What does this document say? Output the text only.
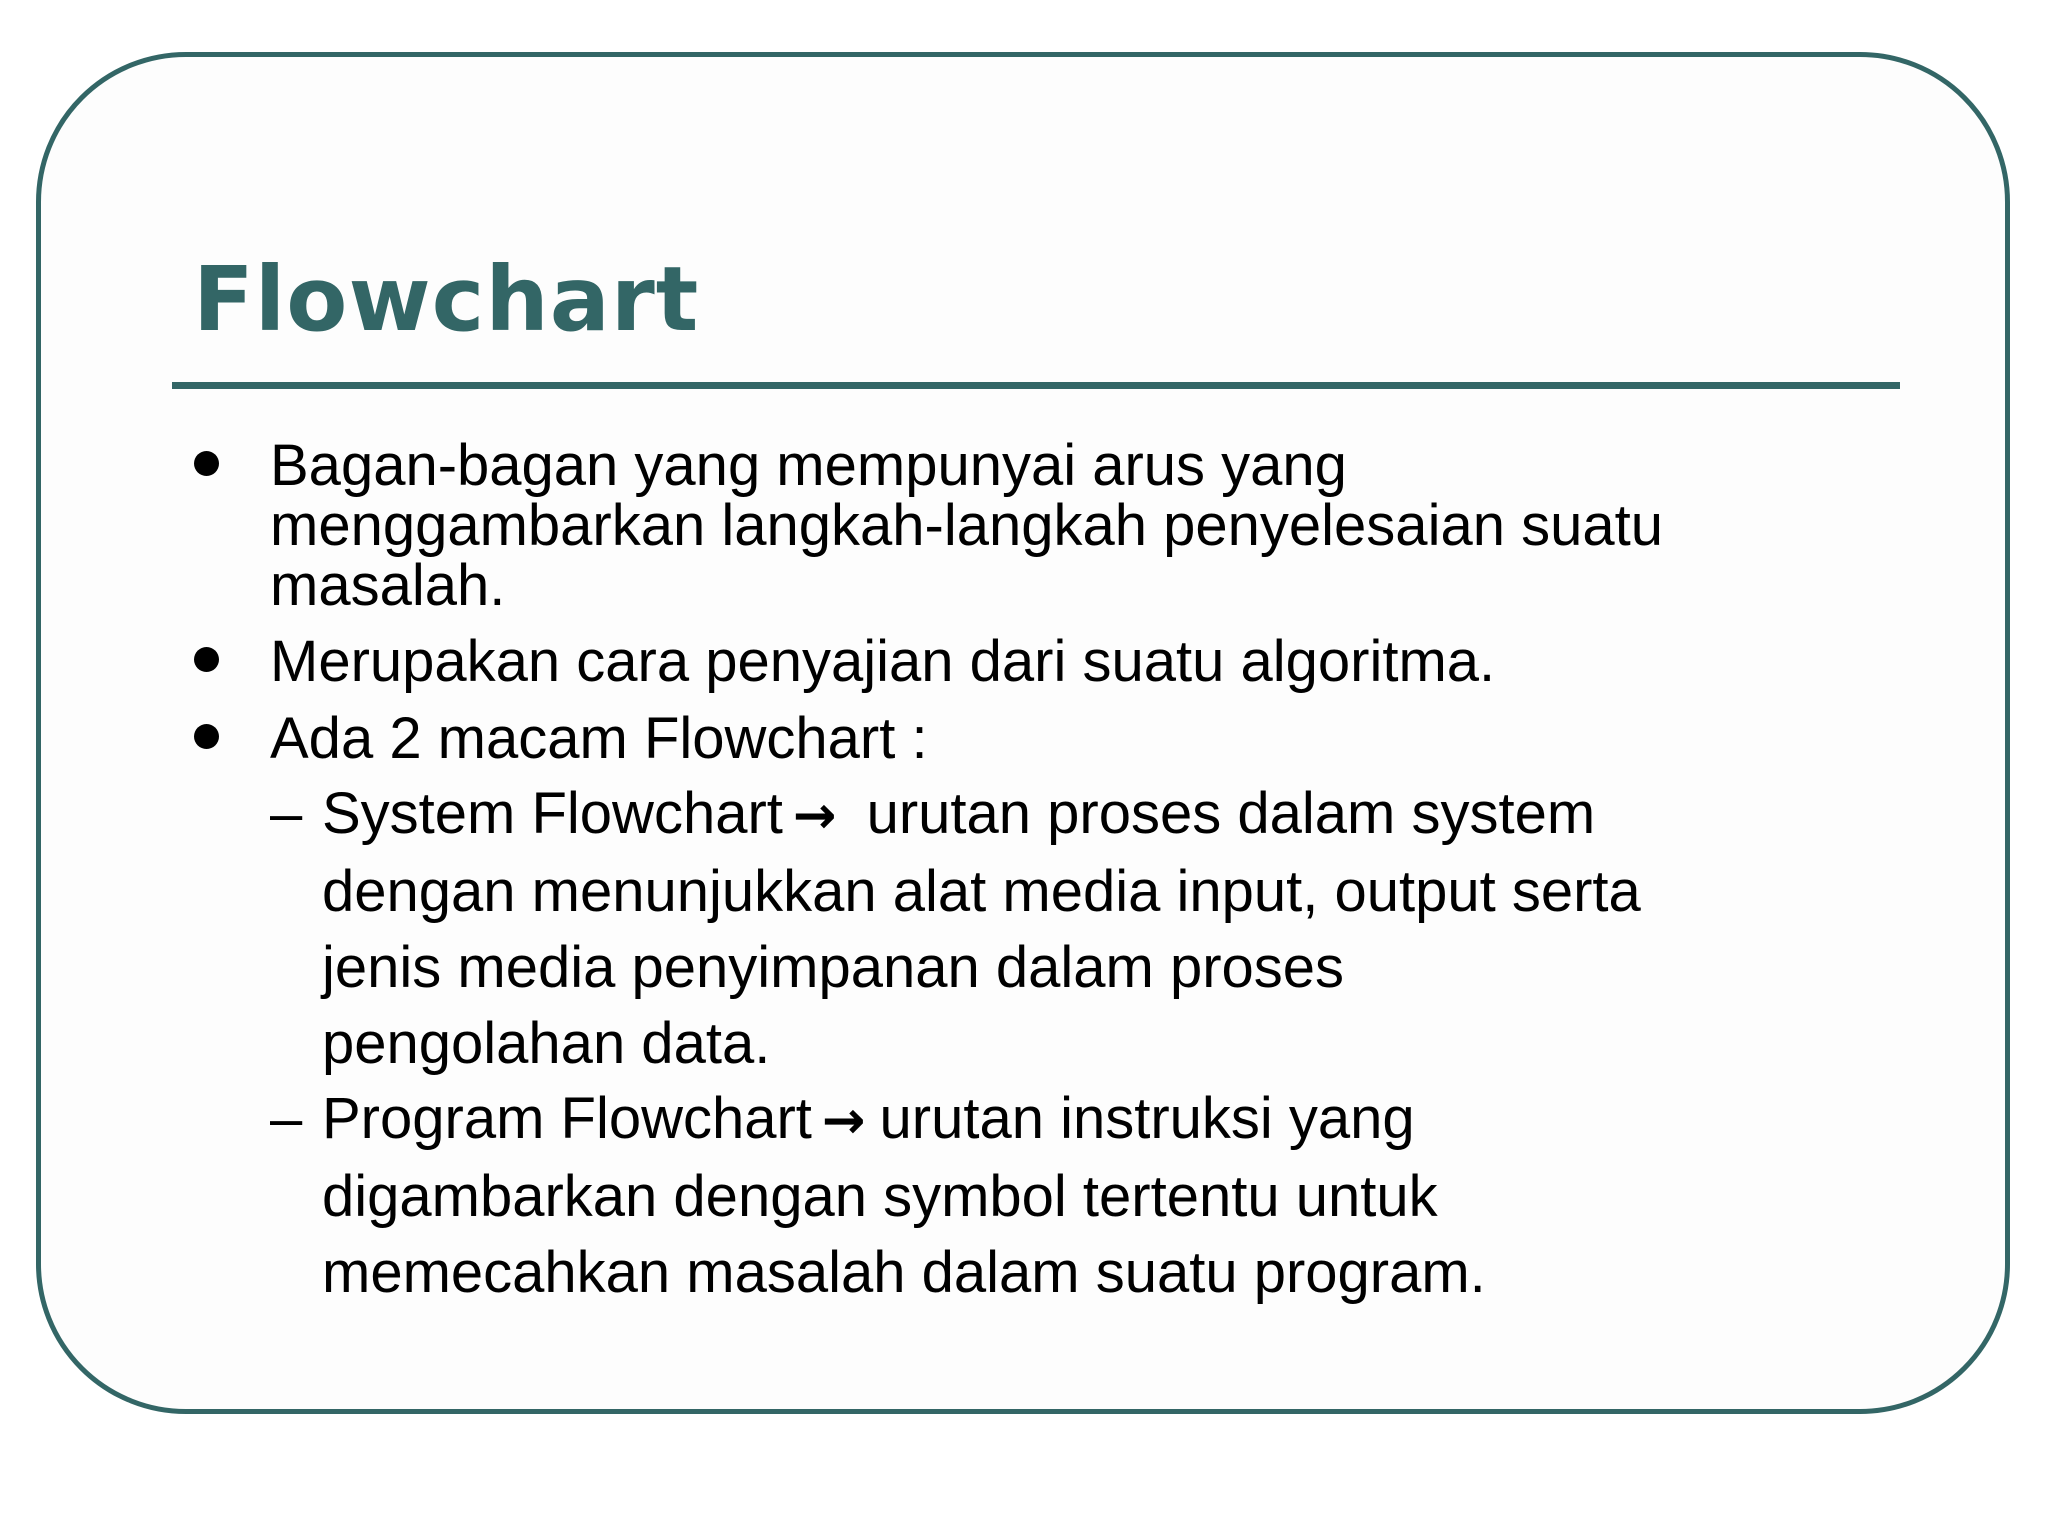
Flowchart
Bagan-bagan yang mempunyai arus yang
menggambarkan langkah-langkah penyelesaian suatu
masalah.
Merupakan cara penyajian dari suatu algoritma.
Ada 2 macam Flowchart :
– System Flowchart → urutan proses dalam system
dengan menunjukkan alat media input, output serta
jenis media penyimpanan dalam proses
pengolahan data.
– Program Flowchart → urutan instruksi yang
digambarkan dengan symbol tertentu untuk
memecahkan masalah dalam suatu program.
